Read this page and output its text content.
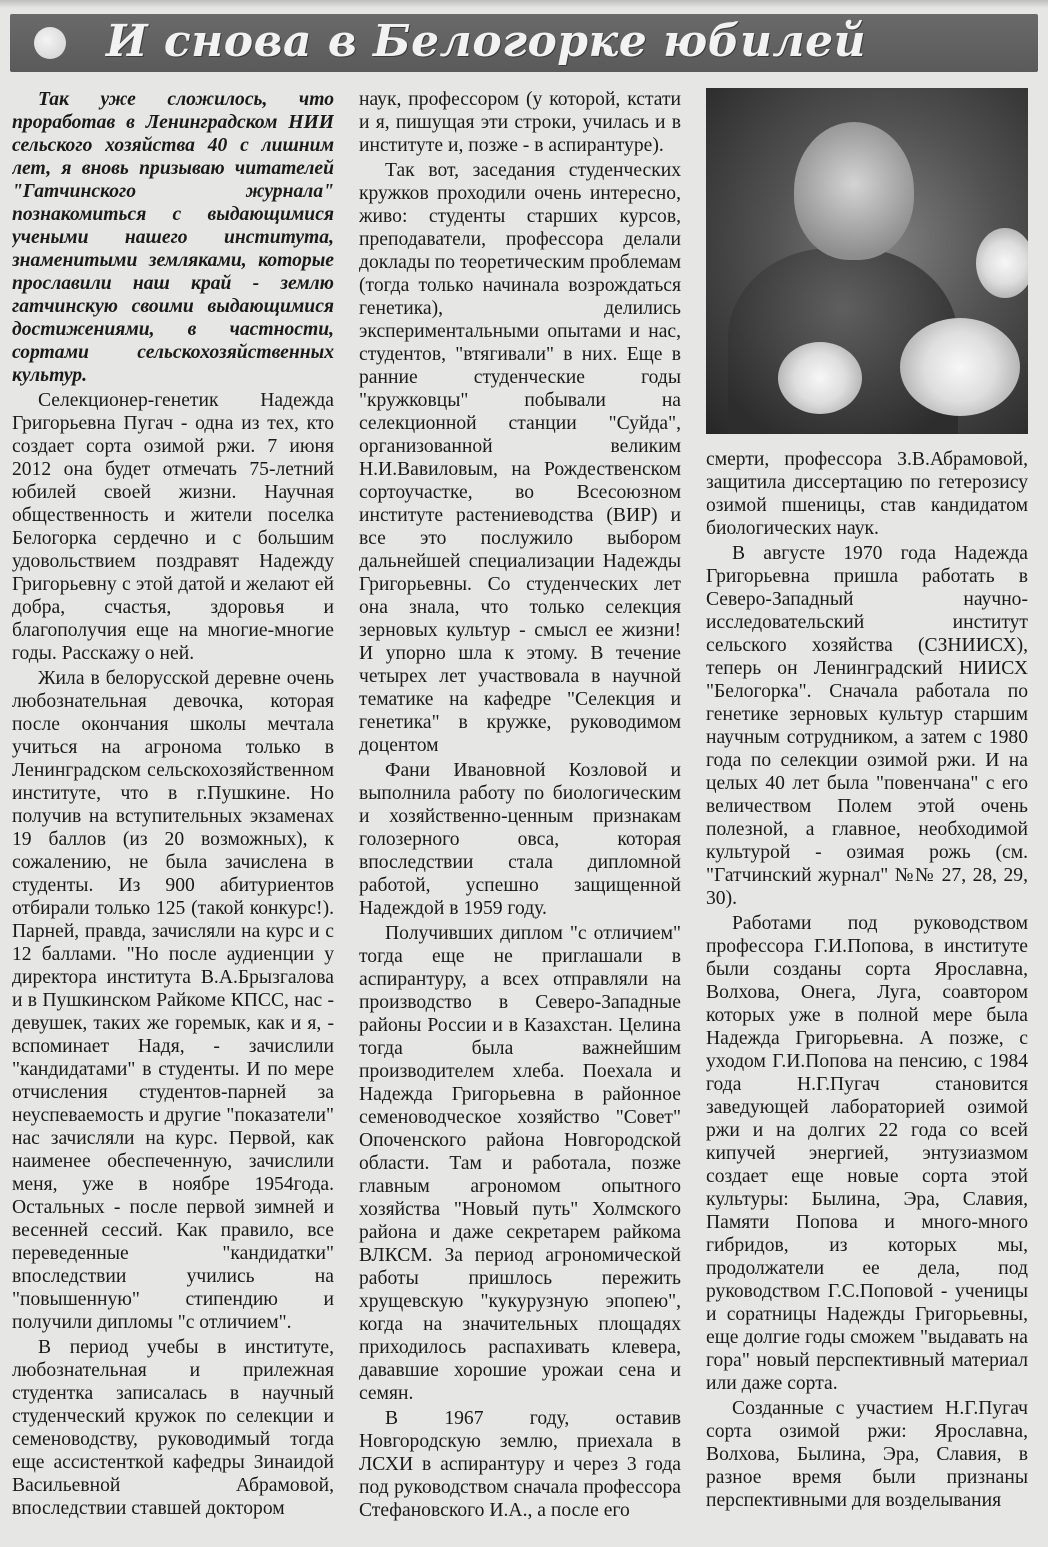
И снова в Белогорке юбилей

Так уже сложилось, что проработав в Ленинградском НИИ сельского хозяйства 40 с лишним лет, я вновь призываю читателей "Гатчинского журнала" познакомиться с выдающимися учеными нашего института, знаменитыми земляками, которые прославили наш край - землю гатчинскую своими выдающимися достижениями, в частности, сортами сельскохозяйственных культур.

Селекционер-генетик Надежда Григорьевна Пугач - одна из тех, кто создает сорта озимой ржи. 7 июня 2012 она будет отмечать 75-летний юбилей своей жизни. Научная общественность и жители поселка Белогорка сердечно и с большим удовольствием поздравят Надежду Григорьевну с этой датой и желают ей добра, счастья, здоровья и благополучия еще на многие-многие годы. Расскажу о ней.

Жила в белорусской деревне очень любознательная девочка, которая после окончания школы мечтала учиться на агронома только в Ленинградском сельскохозяйственном институте, что в г.Пушкине. Но получив на вступительных экзаменах 19 баллов (из 20 возможных), к сожалению, не была зачислена в студенты. Из 900 абитуриентов отбирали только 125 (такой конкурс!). Парней, правда, зачисляли на курс и с 12 баллами. "Но после аудиенции у директора института В.А.Брызгалова и в Пушкинском Райкоме КПСС, нас - девушек, таких же горемык, как и я, - вспоминает Надя, - зачислили "кандидатами" в студенты. И по мере отчисления студентов-парней за неуспеваемость и другие "показатели" нас зачисляли на курс. Первой, как наименее обеспеченную, зачислили меня, уже в ноябре 1954года. Остальных - после первой зимней и весенней сессий. Как правило, все переведенные "кандидатки" впоследствии учились на "повышенную" стипендию и получили дипломы "с отличием".

В период учебы в институте, любознательная и прилежная студентка записалась в научный студенческий кружок по селекции и семеноводству, руководимый тогда еще ассистенткой кафедры Зинаидой Васильевной Абрамовой, впоследствии ставшей доктором

наук, профессором (у которой, кстати и я, пишущая эти строки, училась и в институте и, позже - в аспирантуре).

Так вот, заседания студенческих кружков проходили очень интересно, живо: студенты старших курсов, преподаватели, профессора делали доклады по теоретическим проблемам (тогда только начинала возрождаться генетика), делились экспериментальными опытами и нас, студентов, "втягивали" в них. Еще в ранние студенческие годы "кружковцы" побывали на селекционной станции "Суйда", организованной великим Н.И.Вавиловым, на Рождественском сортоучастке, во Всесоюзном институте растениеводства (ВИР) и все это послужило выбором дальнейшей специализации Надежды Григорьевны. Со студенческих лет она знала, что только селекция зерновых культур - смысл ее жизни! И упорно шла к этому. В течение четырех лет участвовала в научной тематике на кафедре "Селекция и генетика" в кружке, руководимом доцентом

Фани Ивановной Козловой и выполнила работу по биологическим и хозяйственно-ценным признакам голозерного овса, которая впоследствии стала дипломной работой, успешно защищенной Надеждой в 1959 году.

Получивших диплом "с отличием" тогда еще не приглашали в аспирантуру, а всех отправляли на производство в Северо-Западные районы России и в Казахстан. Целина тогда была важнейшим производителем хлеба. Поехала и Надежда Григорьевна в районное семеноводческое хозяйство "Совет" Опоченского района Новгородской области. Там и работала, позже главным агрономом опытного хозяйства "Новый путь" Холмского района и даже секретарем райкома ВЛКСМ. За период агрономической работы пришлось пережить хрущевскую "кукурузную эпопею", когда на значительных площадях приходилось распахивать клевера, дававшие хорошие урожаи сена и семян.

В 1967 году, оставив Новгородскую землю, приехала в ЛСХИ в аспирантуру и через 3 года под руководством сначала профессора Стефановского И.А., а после его

смерти, профессора З.В.Абрамовой, защитила диссертацию по гетерозису озимой пшеницы, став кандидатом биологических наук.

В августе 1970 года Надежда Григорьевна пришла работать в Северо-Западный научно-исследовательский институт сельского хозяйства (СЗНИИСХ), теперь он Ленинградский НИИСХ "Белогорка". Сначала работала по генетике зерновых культур старшим научным сотрудником, а затем с 1980 года по селекции озимой ржи. И на целых 40 лет была "повенчана" с его величеством Полем этой очень полезной, а главное, необходимой культурой - озимая рожь (см. "Гатчинский журнал" №№ 27, 28, 29, 30).

Работами под руководством профессора Г.И.Попова, в институте были созданы сорта Ярославна, Волхова, Онега, Луга, соавтором которых уже в полной мере была Надежда Григорьевна. А позже, с уходом Г.И.Попова на пенсию, с 1984 года Н.Г.Пугач становится заведующей лабораторией озимой ржи и на долгих 22 года со всей кипучей энергией, энтузиазмом создает еще новые сорта этой культуры: Былина, Эра, Славия, Памяти Попова и много-много гибридов, из которых мы, продолжатели ее дела, под руководством Г.С.Поповой - ученицы и соратницы Надежды Григорьевны, еще долгие годы сможем "выдавать на гора" новый перспективный материал или даже сорта.

Созданные с участием Н.Г.Пугач сорта озимой ржи: Ярославна, Волхова, Былина, Эра, Славия, в разное время были признаны перспективными для возделывания
